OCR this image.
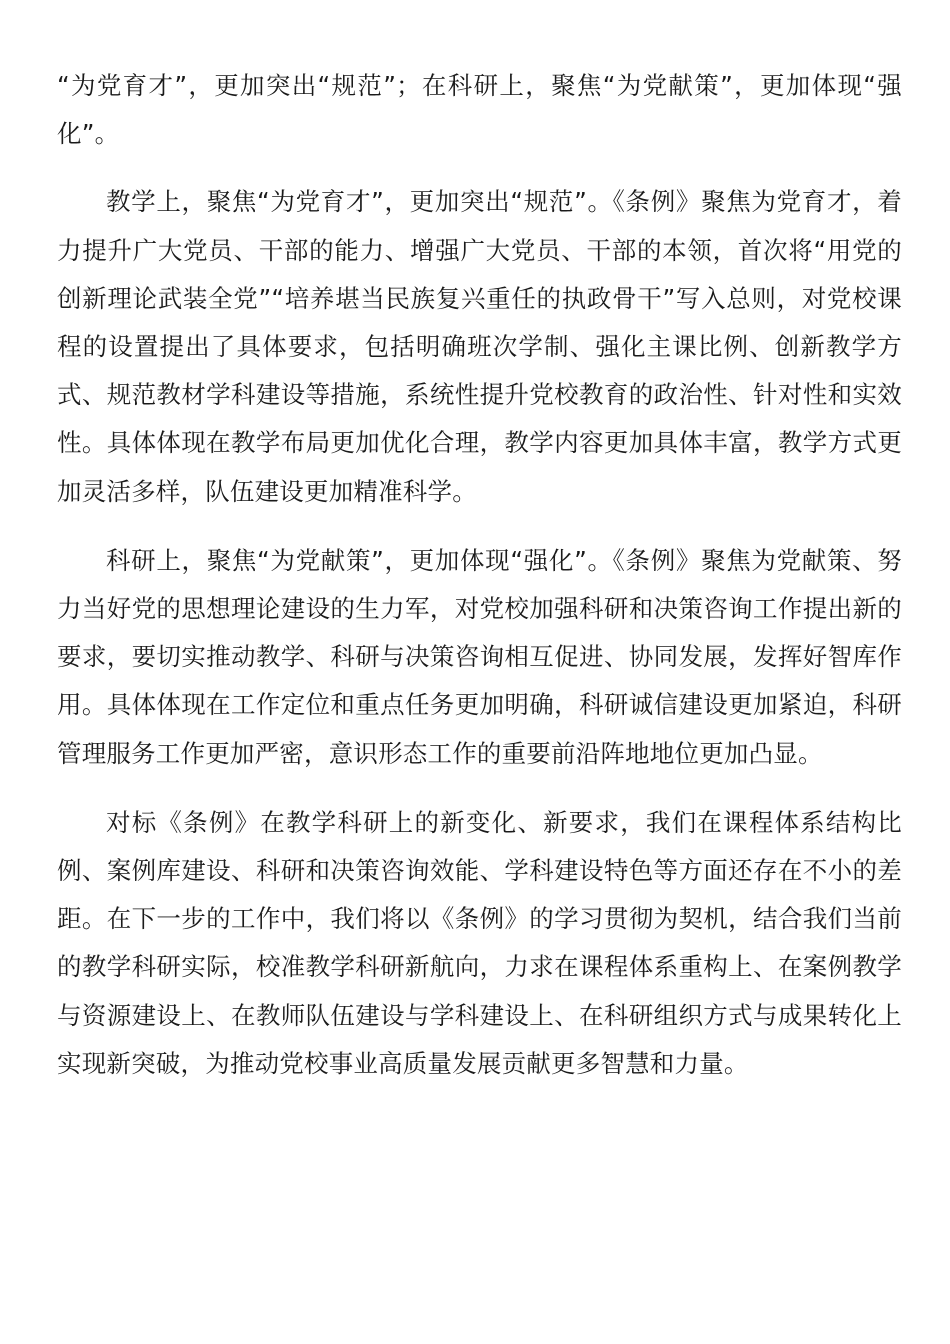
“为党育才”，更加突出“规范”；在科研上，聚焦“为党献策”，更加体现“强化”。

教学上，聚焦“为党育才”，更加突出“规范”。《条例》聚焦为党育才，着力提升广大党员、干部的能力、增强广大党员、干部的本领，首次将“用党的创新理论武装全党”“培养堪当民族复兴重任的执政骨干”写入总则，对党校课程的设置提出了具体要求，包括明确班次学制、强化主课比例、创新教学方式、规范教材学科建设等措施，系统性提升党校教育的政治性、针对性和实效性。具体体现在教学布局更加优化合理，教学内容更加具体丰富，教学方式更加灵活多样，队伍建设更加精准科学。

科研上，聚焦“为党献策”，更加体现“强化”。《条例》聚焦为党献策、努力当好党的思想理论建设的生力军，对党校加强科研和决策咨询工作提出新的要求，要切实推动教学、科研与决策咨询相互促进、协同发展，发挥好智库作用。具体体现在工作定位和重点任务更加明确，科研诚信建设更加紧迫，科研管理服务工作更加严密，意识形态工作的重要前沿阵地地位更加凸显。

对标《条例》在教学科研上的新变化、新要求，我们在课程体系结构比例、案例库建设、科研和决策咨询效能、学科建设特色等方面还存在不小的差距。在下一步的工作中，我们将以《条例》的学习贯彻为契机，结合我们当前的教学科研实际，校准教学科研新航向，力求在课程体系重构上、在案例教学与资源建设上、在教师队伍建设与学科建设上、在科研组织方式与成果转化上实现新突破，为推动党校事业高质量发展贡献更多智慧和力量。
